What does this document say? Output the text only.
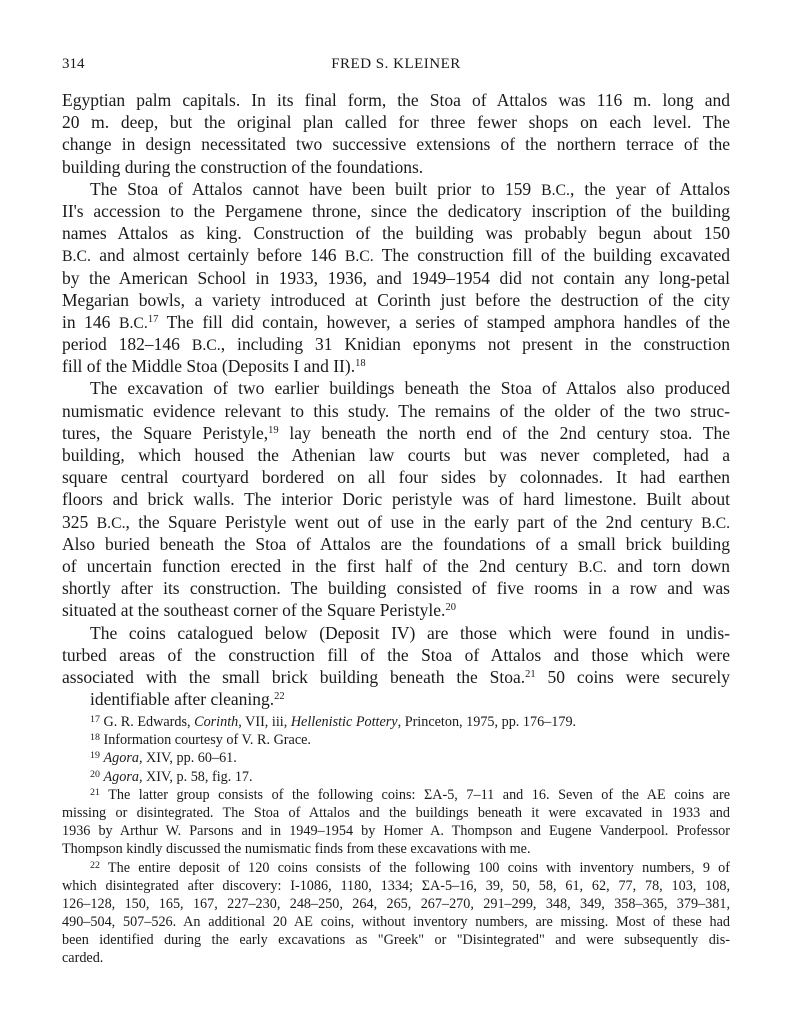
314	FRED S. KLEINER
Egyptian palm capitals. In its final form, the Stoa of Attalos was 116 m. long and
20 m. deep, but the original plan called for three fewer shops on each level. The
change in design necessitated two successive extensions of the northern terrace of the
building during the construction of the foundations.
The Stoa of Attalos cannot have been built prior to 159 B.C., the year of Attalos
II's accession to the Pergamene throne, since the dedicatory inscription of the building
names Attalos as king. Construction of the building was probably begun about 150
B.C. and almost certainly before 146 B.C. The construction fill of the building excavated
by the American School in 1933, 1936, and 1949–1954 did not contain any long-petal
Megarian bowls, a variety introduced at Corinth just before the destruction of the city
in 146 B.C.$^{17}$ The fill did contain, however, a series of stamped amphora handles of the
period 182–146 B.C., including 31 Knidian eponyms not present in the construction
fill of the Middle Stoa (Deposits I and II).$^{18}$
The excavation of two earlier buildings beneath the Stoa of Attalos also produced
numismatic evidence relevant to this study. The remains of the older of the two struc-
tures, the Square Peristyle,$^{19}$ lay beneath the north end of the 2nd century stoa. The
building, which housed the Athenian law courts but was never completed, had a
square central courtyard bordered on all four sides by colonnades. It had earthen
floors and brick walls. The interior Doric peristyle was of hard limestone. Built about
325 B.C., the Square Peristyle went out of use in the early part of the 2nd century B.C.
Also buried beneath the Stoa of Attalos are the foundations of a small brick building
of uncertain function erected in the first half of the 2nd century B.C. and torn down
shortly after its construction. The building consisted of five rooms in a row and was
situated at the southeast corner of the Square Peristyle.$^{20}$
The coins catalogued below (Deposit IV) are those which were found in undis-
turbed areas of the construction fill of the Stoa of Attalos and those which were
associated with the small brick building beneath the Stoa.$^{21}$ 50 coins were securely
identifiable after cleaning.$^{22}$
$^{17}$ G. R. Edwards, Corinth, VII, iii, Hellenistic Pottery, Princeton, 1975, pp. 176–179.
$^{18}$ Information courtesy of V. R. Grace.
$^{19}$ Agora, XIV, pp. 60–61.
$^{20}$ Agora, XIV, p. 58, fig. 17.
$^{21}$ The latter group consists of the following coins: ΣA-5, 7–11 and 16. Seven of the AE coins are
missing or disintegrated. The Stoa of Attalos and the buildings beneath it were excavated in 1933 and
1936 by Arthur W. Parsons and in 1949–1954 by Homer A. Thompson and Eugene Vanderpool. Professor
Thompson kindly discussed the numismatic finds from these excavations with me.
$^{22}$ The entire deposit of 120 coins consists of the following 100 coins with inventory numbers, 9 of
which disintegrated after discovery: I-1086, 1180, 1334; ΣA-5–16, 39, 50, 58, 61, 62, 77, 78, 103, 108,
126–128, 150, 165, 167, 227–230, 248–250, 264, 265, 267–270, 291–299, 348, 349, 358–365, 379–381,
490–504, 507–526. An additional 20 AE coins, without inventory numbers, are missing. Most of these had
been identified during the early excavations as "Greek" or "Disintegrated" and were subsequently dis-
carded.
